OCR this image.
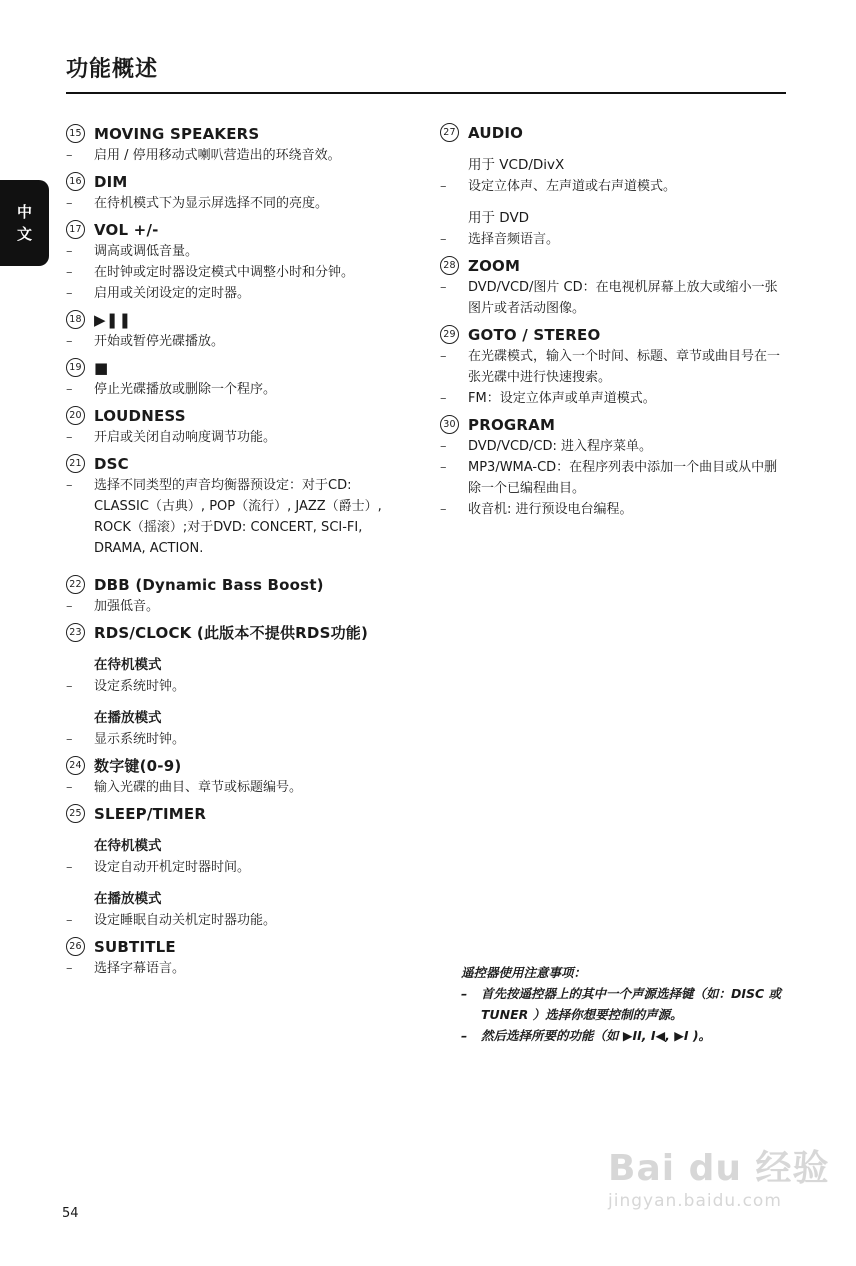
功能概述
中
文
15 MOVING SPEAKERS
–	启用 / 停用移动式喇叭营造出的环绕音效。
16 DIM
–	在待机模式下为显示屏选择不同的亮度。
17 VOL +/-
–	调高或调低音量。
–	在时钟或定时器设定模式中调整小时和分钟。
–	启用或关闭设定的定时器。
18 ▶❚❚
–	开始或暂停光碟播放。
19 ■
–	停止光碟播放或删除一个程序。
20 LOUDNESS
–	开启或关闭自动响度调节功能。
21 DSC
–	选择不同类型的声音均衡器预设定：对于CD: CLASSIC（古典）, POP（流行）, JAZZ（爵士）, ROCK（摇滚）;对于DVD: CONCERT, SCI-FI, DRAMA, ACTION.
22 DBB (Dynamic Bass Boost)
–	加强低音。
23 RDS/CLOCK (此版本不提供RDS功能)
在待机模式
–	设定系统时钟。
在播放模式
–	显示系统时钟。
24 数字键(0-9)
–	输入光碟的曲目、章节或标题编号。
25 SLEEP/TIMER
在待机模式
–	设定自动开机定时器时间。
在播放模式
–	设定睡眠自动关机定时器功能。
26 SUBTITLE
–	选择字幕语言。
27 AUDIO
用于 VCD/DivX
–	设定立体声、左声道或右声道模式。
用于 DVD
–	选择音频语言。
28 ZOOM
–	DVD/VCD/图片 CD：在电视机屏幕上放大或缩小一张图片或者活动图像。
29 GOTO / STEREO
–	在光碟模式，输入一个时间、标题、章节或曲目号在一张光碟中进行快速搜索。
–	FM：设定立体声或单声道模式。
30 PROGRAM
–	DVD/VCD/CD: 进入程序菜单。
–	MP3/WMA-CD：在程序列表中添加一个曲目或从中删除一个已编程曲目。
–	收音机: 进行预设电台编程。
遥控器使用注意事项：
–	首先按遥控器上的其中一个声源选择键（如：DISC 或 TUNER ）选择你想要控制的声源。
–	然后选择所要的功能（如 ▶II, I◀, ▶I )。
54
Bai du 经验
jingyan.baidu.com
